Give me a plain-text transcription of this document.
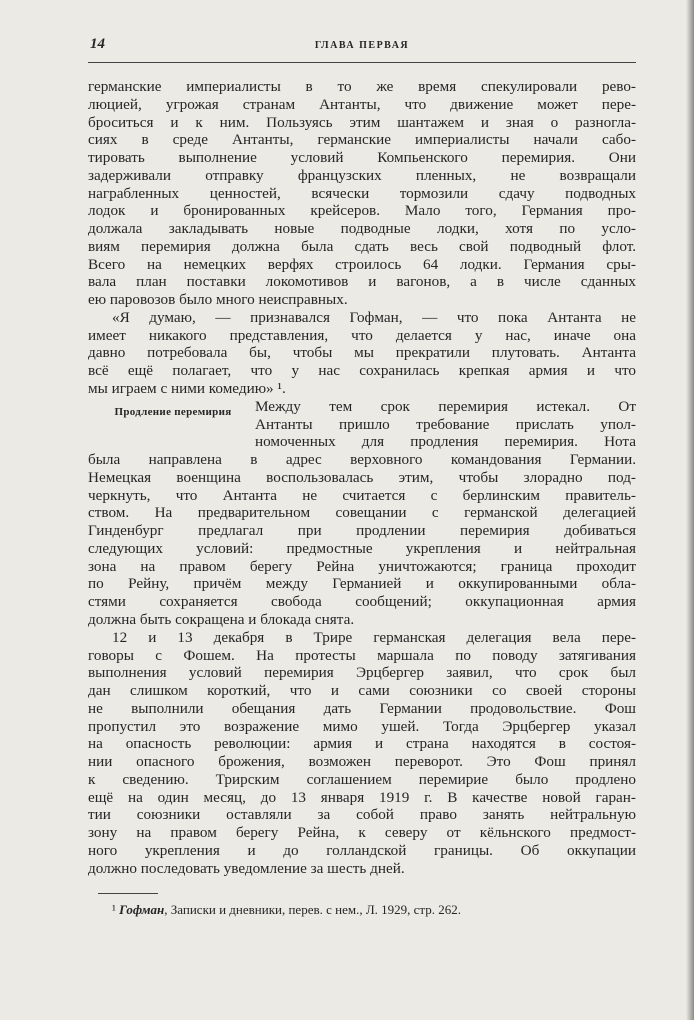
14	ГЛАВА ПЕРВАЯ
германские империалисты в то же время спекулировали рево-
люцией, угрожая странам Антанты, что движение может пере-
броситься и к ним. Пользуясь этим шантажем и зная о разногла-
сиях в среде Антанты, германские империалисты начали сабо-
тировать выполнение условий Компьенского перемирия. Они
задерживали отправку французских пленных, не возвращали
награбленных ценностей, всячески тормозили сдачу подводных
лодок и бронированных крейсеров. Мало того, Германия про-
должала закладывать новые подводные лодки, хотя по усло-
виям перемирия должна была сдать весь свой подводный флот.
Всего на немецких верфях строилось 64 лодки. Германия сры-
вала план поставки локомотивов и вагонов, а в числе сданных
ею паровозов было много неисправных.
«Я думаю, — признавался Гофман, — что пока Антанта не
имеет никакого представления, что делается у нас, иначе она
давно потребовала бы, чтобы мы прекратили плутовать. Антанта
всё ещё полагает, что у нас сохранилась крепкая армия и что
мы играем с ними комедию» ¹.
Между тем срок перемирия истекал. От
Антанты пришло требование прислать упол-
номоченных для продления перемирия. Нота
была направлена в адрес верховного командования Германии.
Немецкая военщина воспользовалась этим, чтобы злорадно под-
черкнуть, что Антанта не считается с берлинским правитель-
ством. На предварительном совещании с германской делегацией
Гинденбург предлагал при продлении перемирия добиваться
следующих условий: предмостные укрепления и нейтральная
зона на правом берегу Рейна уничтожаются; граница проходит
по Рейну, причём между Германией и оккупированными обла-
стями сохраняется свобода сообщений; оккупационная армия
должна быть сокращена и блокада снята.
12 и 13 декабря в Трире германская делегация вела пере-
говоры с Фошем. На протесты маршала по поводу затягивания
выполнения условий перемирия Эрцбергер заявил, что срок был
дан слишком короткий, что и сами союзники со своей стороны
не выполнили обещания дать Германии продовольствие. Фош
пропустил это возражение мимо ушей. Тогда Эрцбергер указал
на опасность революции: армия и страна находятся в состоя-
нии опасного брожения, возможен переворот. Это Фош принял
к сведению. Трирским соглашением перемирие было продлено
ещё на один месяц, до 13 января 1919 г. В качестве новой гаран-
тии союзники оставляли за собой право занять нейтральную
зону на правом берегу Рейна, к северу от кёльнского предмост-
ного укрепления и до голландской границы. Об оккупации
должно последовать уведомление за шесть дней.
Продление перемирия
¹ Гофман, Записки и дневники, перев. с нем., Л. 1929, стр. 262.
